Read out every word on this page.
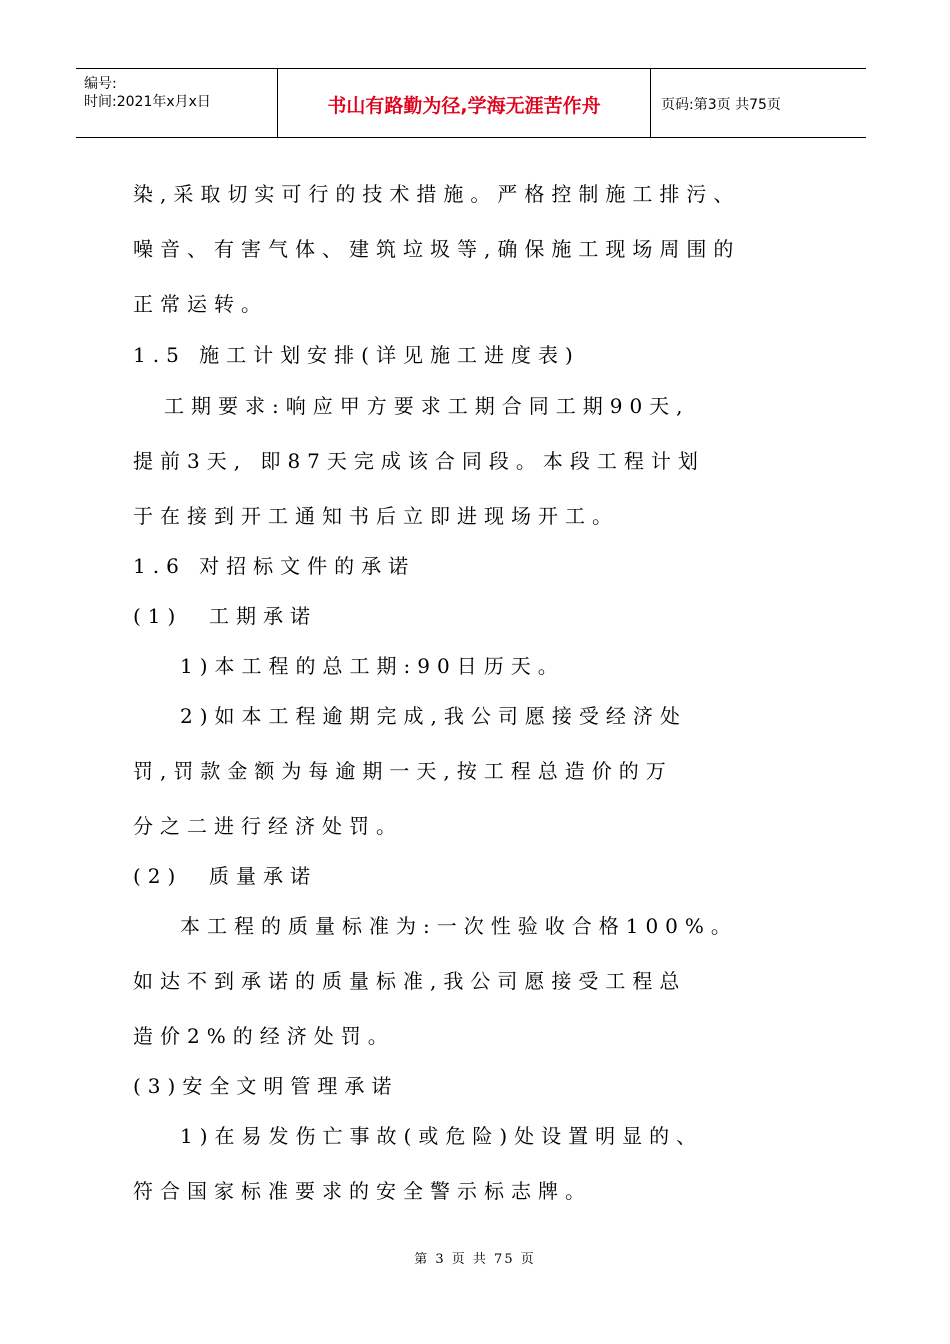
编号:
时间:2021年x月x日	书山有路勤为径,学海无涯苦作舟	页码:第3页 共75页
染,采取切实可行的技术措施。严格控制施工排污、
噪音、有害气体、建筑垃圾等,确保施工现场周围的
正常运转。
1.5 施工计划安排(详见施工进度表)
工期要求:响应甲方要求工期合同工期90天,
提前3天, 即87天完成该合同段。本段工程计划
于在接到开工通知书后立即进现场开工。
1.6 对招标文件的承诺
(1)  工期承诺
1)本工程的总工期:90日历天。
2)如本工程逾期完成,我公司愿接受经济处
罚,罚款金额为每逾期一天,按工程总造价的万
分之二进行经济处罚。
(2)  质量承诺
本工程的质量标准为:一次性验收合格100%。
如达不到承诺的质量标准,我公司愿接受工程总
造价2%的经济处罚。
(3)安全文明管理承诺
1)在易发伤亡事故(或危险)处设置明显的、
符合国家标准要求的安全警示标志牌。
第 3 页 共 75 页
